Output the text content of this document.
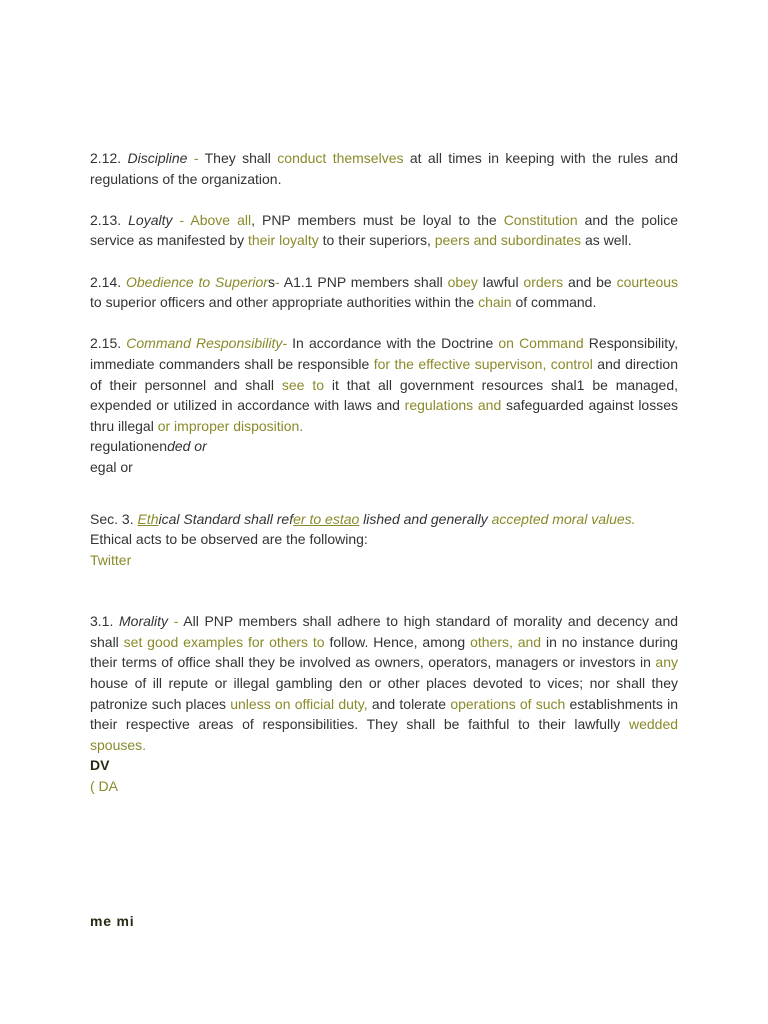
2.12. Discipline - They shall conduct themselves at all times in keeping with the rules and regulations of the organization.
2.13. Loyalty - Above all, PNP members must be loyal to the Constitution and the police service as manifested by their loyalty to their superiors, peers and subordinates as well.
2.14. Obedience to Superiors- A1.1 PNP members shall obey lawful orders and be courteous to superior officers and other appropriate authorities within the chain of command.
2.15. Command Responsibility- In accordance with the Doctrine on Command Responsibility, immediate commanders shall be responsible for the effective supervison, control and direction of their personnel and shall see to it that all government resources shal1 be managed, expended or utilized in accordance with laws and regulations and safeguarded against losses thru illegal or improper disposition.
regulationended or
egal or
Sec. 3. Ethical Standard shall refer to estao lished and generally accepted moral values.
Ethical acts to be observed are the following:
Twitter
3.1. Morality - All PNP members shall adhere to high standard of morality and decency and shall set good examples for others to follow. Hence, among others, and in no instance during their terms of office shall they be involved as owners, operators, managers or investors in any house of ill repute or illegal gambling den or other places devoted to vices; nor shall they patronize such places unless on official duty, and tolerate operations of such establishments in their respective areas of responsibilities. They shall be faithful to their lawfully wedded spouses.
DV
( DA
me mi
